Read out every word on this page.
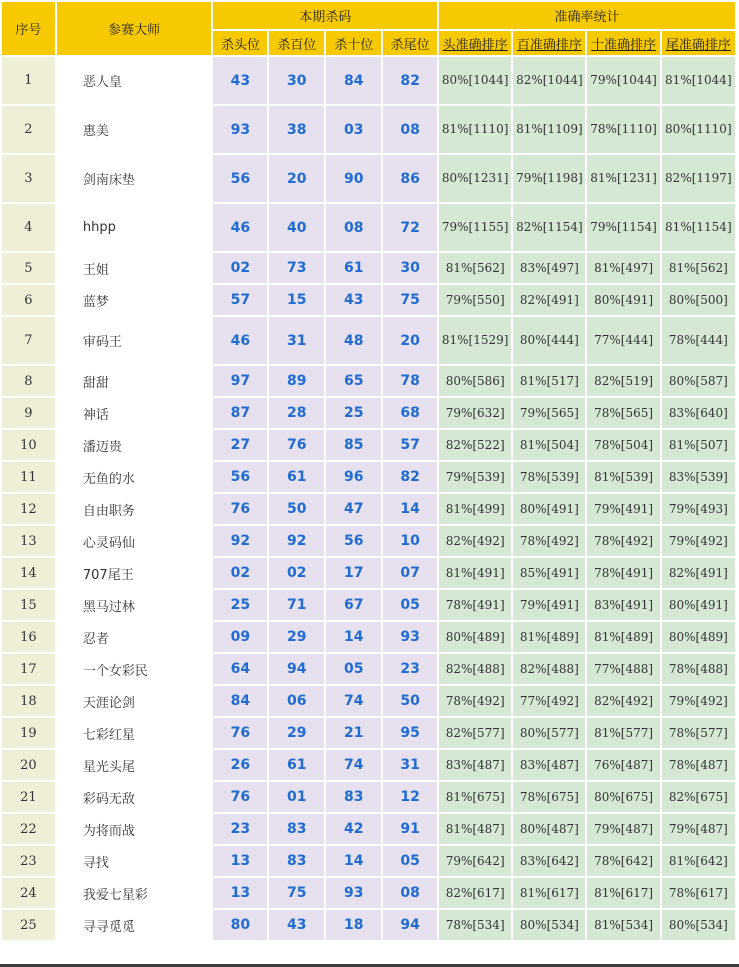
序号	参赛大师	本期杀码				准确率统计			
		杀头位	杀百位	杀十位	杀尾位	头准确排序	百准确排序	十准确排序	尾准确排序
1	恶人皇	43	30	84	82	80%[1044]	82%[1044]	79%[1044]	81%[1044]
2	惠美	93	38	03	08	81%[1110]	81%[1109]	78%[1110]	80%[1110]
3	剑南床垫	56	20	90	86	80%[1231]	79%[1198]	81%[1231]	82%[1197]
4	hhpp	46	40	08	72	79%[1155]	82%[1154]	79%[1154]	81%[1154]
5	王姐	02	73	61	30	81%[562]	83%[497]	81%[497]	81%[562]
6	蓝梦	57	15	43	75	79%[550]	82%[491]	80%[491]	80%[500]
7	审码王	46	31	48	20	81%[1529]	80%[444]	77%[444]	78%[444]
8	甜甜	97	89	65	78	80%[586]	81%[517]	82%[519]	80%[587]
9	神话	87	28	25	68	79%[632]	79%[565]	78%[565]	83%[640]
10	潘迈贵	27	76	85	57	82%[522]	81%[504]	78%[504]	81%[507]
11	无鱼的水	56	61	96	82	79%[539]	78%[539]	81%[539]	83%[539]
12	自由职务	76	50	47	14	81%[499]	80%[491]	79%[491]	79%[493]
13	心灵码仙	92	92	56	10	82%[492]	78%[492]	78%[492]	79%[492]
14	707尾王	02	02	17	07	81%[491]	85%[491]	78%[491]	82%[491]
15	黑马过林	25	71	67	05	78%[491]	79%[491]	83%[491]	80%[491]
16	忍者	09	29	14	93	80%[489]	81%[489]	81%[489]	80%[489]
17	一个女彩民	64	94	05	23	82%[488]	82%[488]	77%[488]	78%[488]
18	天涯论剑	84	06	74	50	78%[492]	77%[492]	82%[492]	79%[492]
19	七彩红星	76	29	21	95	82%[577]	80%[577]	81%[577]	78%[577]
20	星光头尾	26	61	74	31	83%[487]	83%[487]	76%[487]	78%[487]
21	彩码无敌	76	01	83	12	81%[675]	78%[675]	80%[675]	82%[675]
22	为将而战	23	83	42	91	81%[487]	80%[487]	79%[487]	79%[487]
23	寻找	13	83	14	05	79%[642]	83%[642]	78%[642]	81%[642]
24	我爱七星彩	13	75	93	08	82%[617]	81%[617]	81%[617]	78%[617]
25	寻寻觅觅	80	43	18	94	78%[534]	80%[534]	81%[534]	80%[534]
